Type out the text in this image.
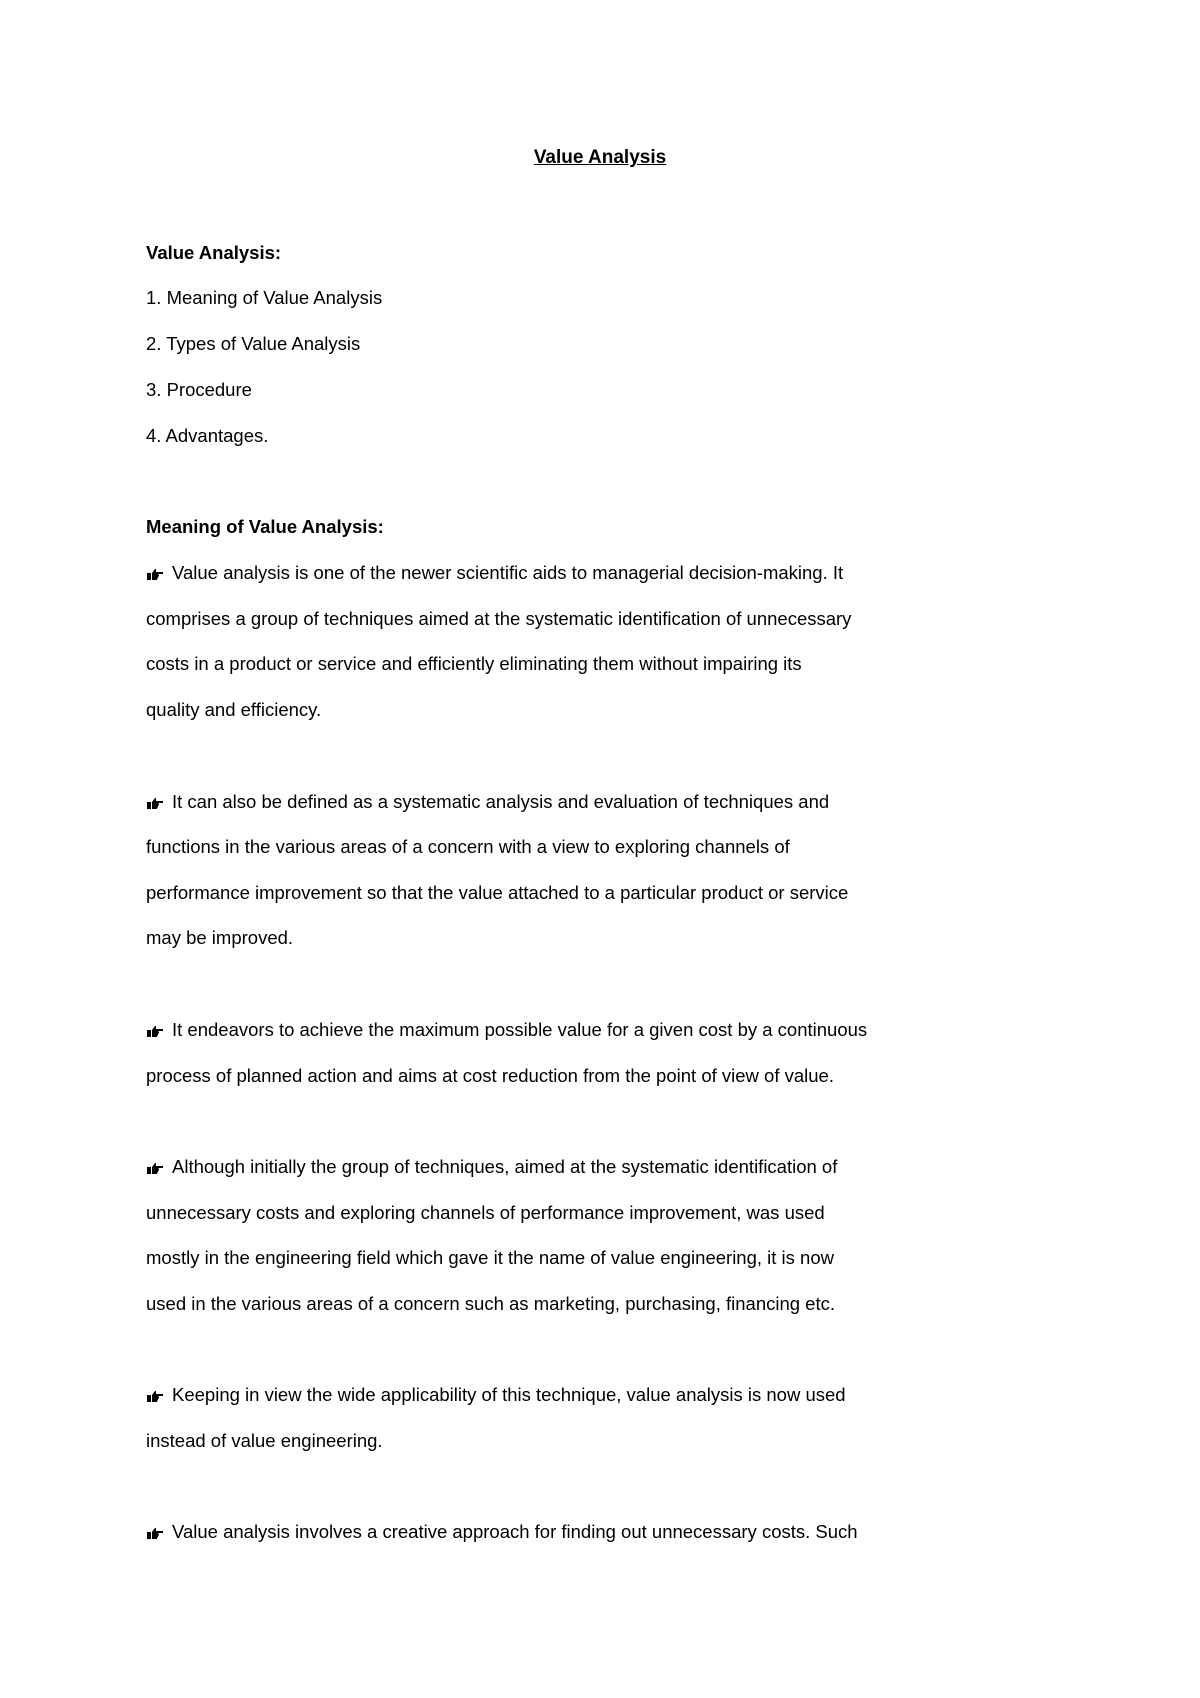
Value Analysis
Value Analysis:
1. Meaning of Value Analysis
2. Types of Value Analysis
3. Procedure
4. Advantages.
Meaning of Value Analysis:
Value analysis is one of the newer scientific aids to managerial decision-making. It
comprises a group of techniques aimed at the systematic identification of unnecessary
costs in a product or service and efficiently eliminating them without impairing its
quality and efficiency.
It can also be defined as a systematic analysis and evaluation of techniques and
functions in the various areas of a concern with a view to exploring channels of
performance improvement so that the value attached to a particular product or service
may be improved.
It endeavors to achieve the maximum possible value for a given cost by a continuous
process of planned action and aims at cost reduction from the point of view of value.
Although initially the group of techniques, aimed at the systematic identification of
unnecessary costs and exploring channels of performance improvement, was used
mostly in the engineering field which gave it the name of value engineering, it is now
used in the various areas of a concern such as marketing, purchasing, financing etc.
Keeping in view the wide applicability of this technique, value analysis is now used
instead of value engineering.
Value analysis involves a creative approach for finding out unnecessary costs. Such
